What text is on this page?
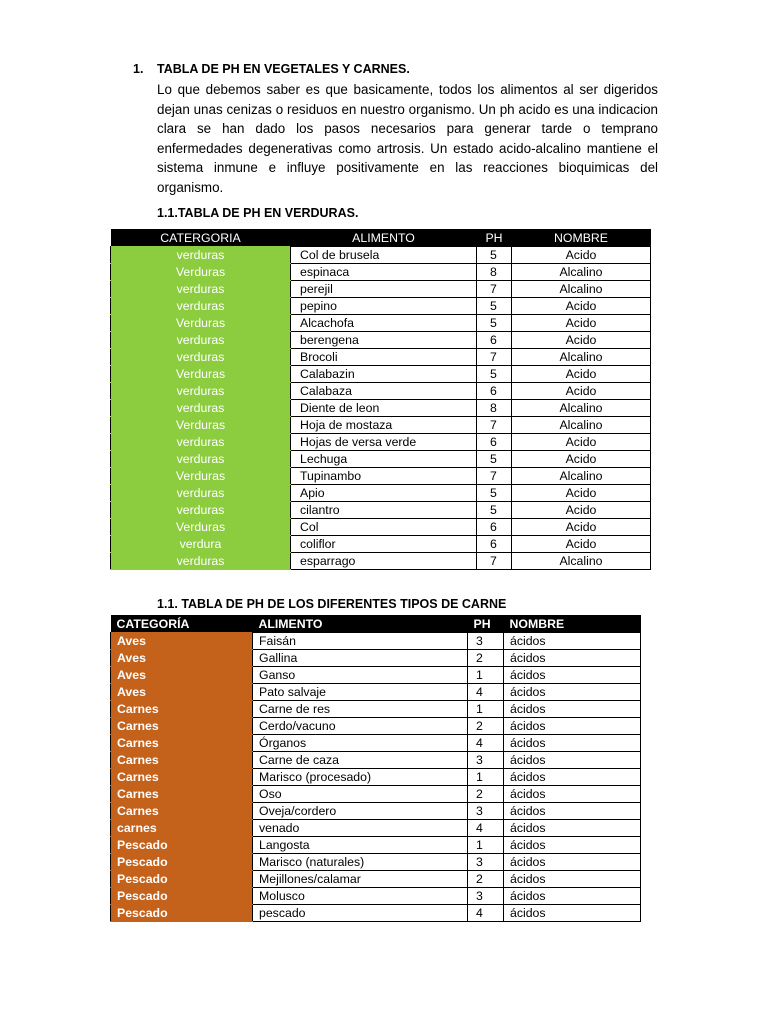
1. TABLA DE PH EN VEGETALES Y CARNES.

Lo que debemos saber es que basicamente, todos los alimentos al ser digeridos dejan unas cenizas o residuos en nuestro organismo. Un ph acido es una indicacion clara se han dado los pasos necesarios para generar tarde o temprano enfermedades degenerativas como artrosis. Un estado acido-alcalino mantiene el sistema inmune e influye positivamente en las reacciones bioquimicas del organismo.

1.1.TABLA DE PH EN VERDURAS.
CATERGORIA	ALIMENTO	PH	NOMBRE
verduras	Col de brusela	5	Acido
Verduras	espinaca	8	Alcalino
verduras	perejil	7	Alcalino
verduras	pepino	5	Acido
Verduras	Alcachofa	5	Acido
verduras	berengena	6	Acido
verduras	Brocoli	7	Alcalino
Verduras	Calabazin	5	Acido
verduras	Calabaza	6	Acido
verduras	Diente de leon	8	Alcalino
Verduras	Hoja de mostaza	7	Alcalino
verduras	Hojas de versa verde	6	Acido
verduras	Lechuga	5	Acido
Verduras	Tupinambo	7	Alcalino
verduras	Apio	5	Acido
verduras	cilantro	5	Acido
Verduras	Col	6	Acido
verdura	coliflor	6	Acido
verduras	esparrago	7	Alcalino
1.1. TABLA DE PH DE LOS DIFERENTES TIPOS DE CARNE
CATEGORÍA	ALIMENTO	PH	NOMBRE
Aves	Faisán	3	ácidos
Aves	Gallina	2	ácidos
Aves	Ganso	1	ácidos
Aves	Pato salvaje	4	ácidos
Carnes	Carne de res	1	ácidos
Carnes	Cerdo/vacuno	2	ácidos
Carnes	Órganos	4	ácidos
Carnes	Carne de caza	3	ácidos
Carnes	Marisco (procesado)	1	ácidos
Carnes	Oso	2	ácidos
Carnes	Oveja/cordero	3	ácidos
carnes	venado	4	ácidos
Pescado	Langosta	1	ácidos
Pescado	Marisco (naturales)	3	ácidos
Pescado	Mejillones/calamar	2	ácidos
Pescado	Molusco	3	ácidos
Pescado	pescado	4	ácidos
